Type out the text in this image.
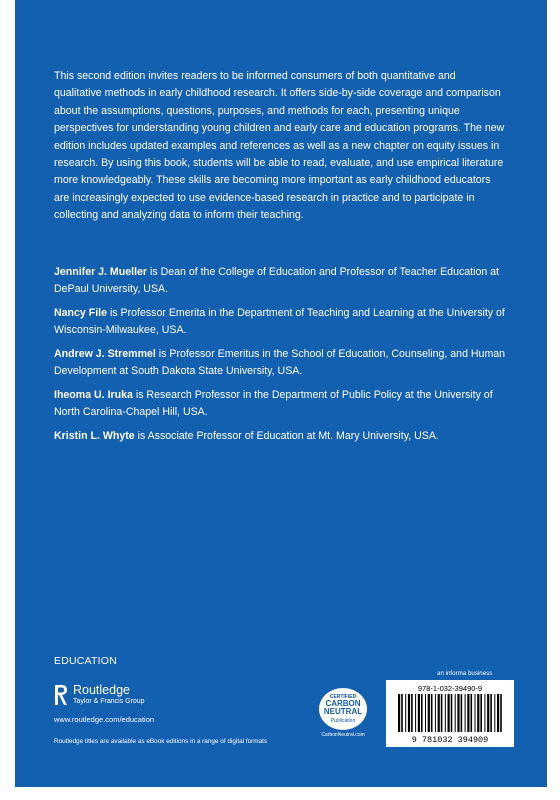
This second edition invites readers to be informed consumers of both quantitative and qualitative methods in early childhood research. It offers side-by-side coverage and comparison about the assumptions, questions, purposes, and methods for each, presenting unique perspectives for understanding young children and early care and education programs. The new edition includes updated examples and references as well as a new chapter on equity issues in research. By using this book, students will be able to read, evaluate, and use empirical literature more knowledgeably. These skills are becoming more important as early childhood educators are increasingly expected to use evidence-based research in practice and to participate in collecting and analyzing data to inform their teaching.

Jennifer J. Mueller is Dean of the College of Education and Professor of Teacher Education at DePaul University, USA.

Nancy File is Professor Emerita in the Department of Teaching and Learning at the University of Wisconsin-Milwaukee, USA.

Andrew J. Stremmel is Professor Emeritus in the School of Education, Counseling, and Human Development at South Dakota State University, USA.

Iheoma U. Iruka is Research Professor in the Department of Public Policy at the University of North Carolina-Chapel Hill, USA.

Kristin L. Whyte is Associate Professor of Education at Mt. Mary University, USA.

EDUCATION
Routledge
Taylor & Francis Group
www.routledge.com/education
Routledge titles are available as eBook editions in a range of digital formats
CERTIFIED
CARBON
NEUTRAL
Publication
CarbonNeutral.com
an informa business
978-1-032-39490-9
9 781032 394909
